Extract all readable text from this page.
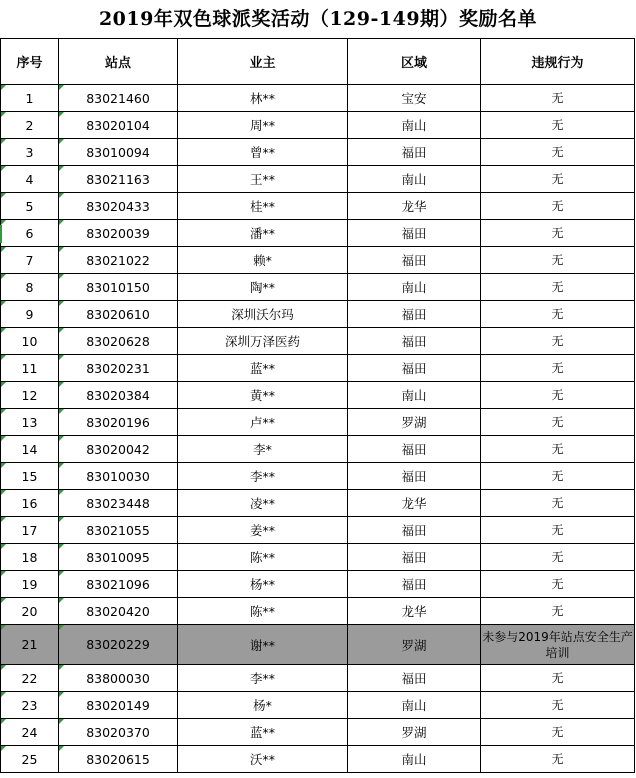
2019年双色球派奖活动（129-149期）奖励名单
序号	站点	业主	区域	违规行为
1	83021460	林**	宝安	无
2	83020104	周**	南山	无
3	83010094	曾**	福田	无
4	83021163	王**	南山	无
5	83020433	桂**	龙华	无
6	83020039	潘**	福田	无
7	83021022	赖*	福田	无
8	83010150	陶**	南山	无
9	83020610	深圳沃尔玛	福田	无
10	83020628	深圳万泽医药	福田	无
11	83020231	蓝**	福田	无
12	83020384	黄**	南山	无
13	83020196	卢**	罗湖	无
14	83020042	李*	福田	无
15	83010030	李**	福田	无
16	83023448	凌**	龙华	无
17	83021055	姜**	福田	无
18	83010095	陈**	福田	无
19	83021096	杨**	福田	无
20	83020420	陈**	龙华	无
21	83020229	谢**	罗湖	未参与2019年站点安全生产培训
22	83800030	李**	福田	无
23	83020149	杨*	南山	无
24	83020370	蓝**	罗湖	无
25	83020615	沃**	南山	无
